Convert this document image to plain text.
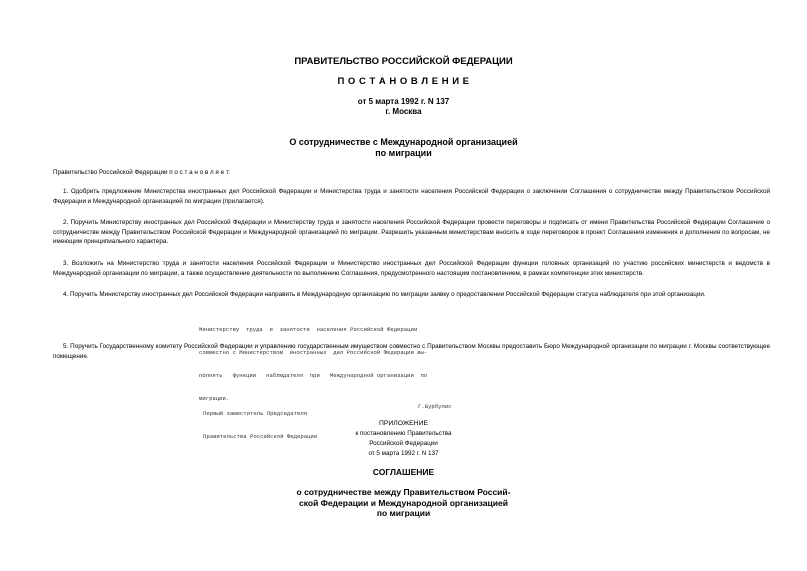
ПРАВИТЕЛЬСТВО РОССИЙСКОЙ ФЕДЕРАЦИИ
П О С Т А Н О В Л Е Н И Е
от 5 марта 1992 г. N 137
г. Москва
О сотрудничестве с Международной организацией
по миграции
Правительство Российской Федерации п о с т а н о в л я е т:
1. Одобрить предложение Министерства иностранных дел Российской Федерации и Министерства труда и занятости населения Российской Федерации о заключении Соглашения о сотрудничестве между Правительством Российской Федерации и Международной организацией по миграции (прилагается).
2. Поручить Министерству иностранных дел Российской Федерации и Министерству труда и занятости населения Российской Федерации провести переговоры и подписать от имени Правительства Российской Федерации Соглашение о сотрудничестве между Правительством Российской Федерации и Международной организацией по миграции. Разрешить указанным министерствам вносить в ходе переговоров в проект Соглашения изменения и дополнения по вопросам, не имеющим принципиального характера.
3. Возложить на Министерство труда и занятости населения Российской Федерации и Министерство иностранных дел Российской Федерации функции головных организаций по участию российских министерств и ведомств в Международной организации по миграции, а также осуществление деятельности по выполнению Соглашения, предусмотренного настоящим постановлением, в рамках компетенции этих министерств.
4. Поручить Министерству иностранных дел Российской Федерации направить в Международную организацию по миграции заявку о предоставлении Российской Федерации статуса наблюдателя при этой организации.

Министерству  труда  и  занятости  населения Российской Федерации

совместно с Министерством  иностранных  дел Российской Федерации вы-

полнять   функции   наблюдателя  при   Международной организации  по

миграции.

5. Поручить Государственному комитету Российской Федерации и управлению государственным имуществом совместно с Правительством Москвы предоставить Бюро Международной организации по миграции г. Москвы соответствующее помещение.

Первый заместитель Председателя

Правительства Российской Федерации

Г.Бурбулис
ПРИЛОЖЕНИЕ
к постановлению Правительства
Российской Федерации
от 5 марта 1992 г. N 137
СОГЛАШЕНИЕ
о сотрудничестве между Правительством Россий-
ской Федерации и Международной организацией
по миграции
